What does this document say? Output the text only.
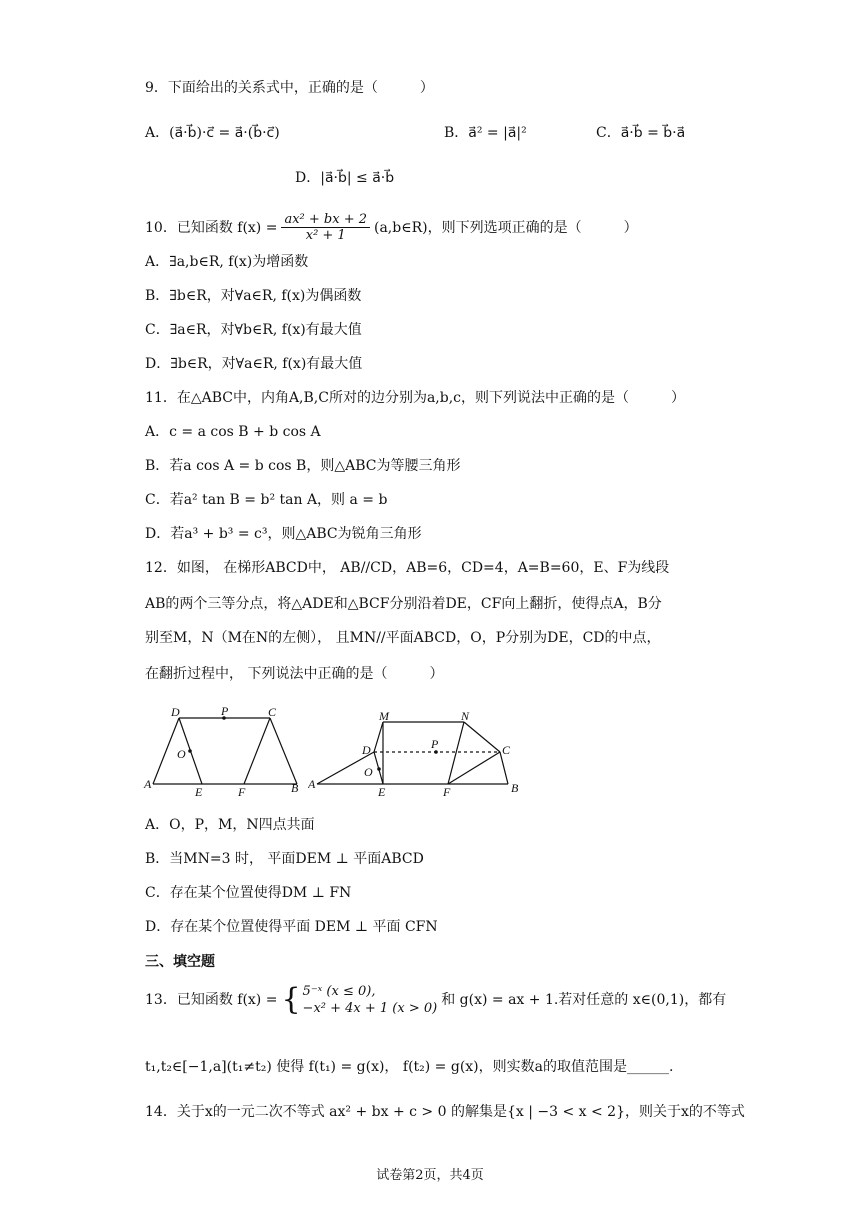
9．下面给出的关系式中，正确的是（　　　）
A．(a⃗·b⃗)·c⃗ = a⃗·(b⃗·c⃗)	B．a⃗² = |a⃗|²	C．a⃗·b⃗ = b⃗·a⃗
D．|a⃗·b⃗| ≤ a⃗·b⃗
10．已知函数 $f(x) = \frac{\text{ax² + bx + 2}}{\text{x² + 1}}$ (a,b∈R)，则下列选项正确的是（　　　）
A．∃a,b∈R, f(x)为增函数
B．∃b∈R，对∀a∈R, f(x)为偶函数
C．∃a∈R，对∀b∈R, f(x)有最大值
D．∃b∈R，对∀a∈R, f(x)有最大值
11．在△ABC中，内角A,B,C所对的边分别为a,b,c，则下列说法中正确的是（　　　）
A．c = a cos B + b cos A
B．若a cos A = b cos B，则△ABC为等腰三角形
C．若a² tan B = b² tan A，则 a = b
D．若a³ + b³ = c³，则△ABC为锐角三角形
12．如图， 在梯形ABCD中， AB//CD，AB=6，CD=4，A=B=60，E、F为线段
AB的两个三等分点，将△ADE和△BCF分别沿着DE，CF向上翻折，使得点A，B分
别至M，N（M在N的左侧）， 且MN//平面ABCD，O，P分别为DE，CD的中点，
在翻折过程中， 下列说法中正确的是（　　　）
D	P	C
O
A
E	F	B
M	N
D	P	C
O
A
E	F	B
A．O，P，M，N四点共面
B．当MN=3 时， 平面DEM ⊥ 平面ABCD
C．存在某个位置使得DM ⊥ FN
D．存在某个位置使得平面 DEM ⊥ 平面 CFN
三、填空题
13．已知函数 f(x) = { 5⁻ˣ (x ≤ 0),
−x² + 4x + 1 (x > 0)
和 g(x) = ax + 1.若对任意的 x∈(0,1)，都有
t₁,t₂∈[−1,a](t₁≠t₂) 使得 f(t₁) = g(x)， f(t₂) = g(x)，则实数a的取值范围是______.
14．关于x的一元二次不等式 ax² + bx + c > 0 的解集是{x | −3 < x < 2}，则关于x的不等式
试卷第2页，共4页
